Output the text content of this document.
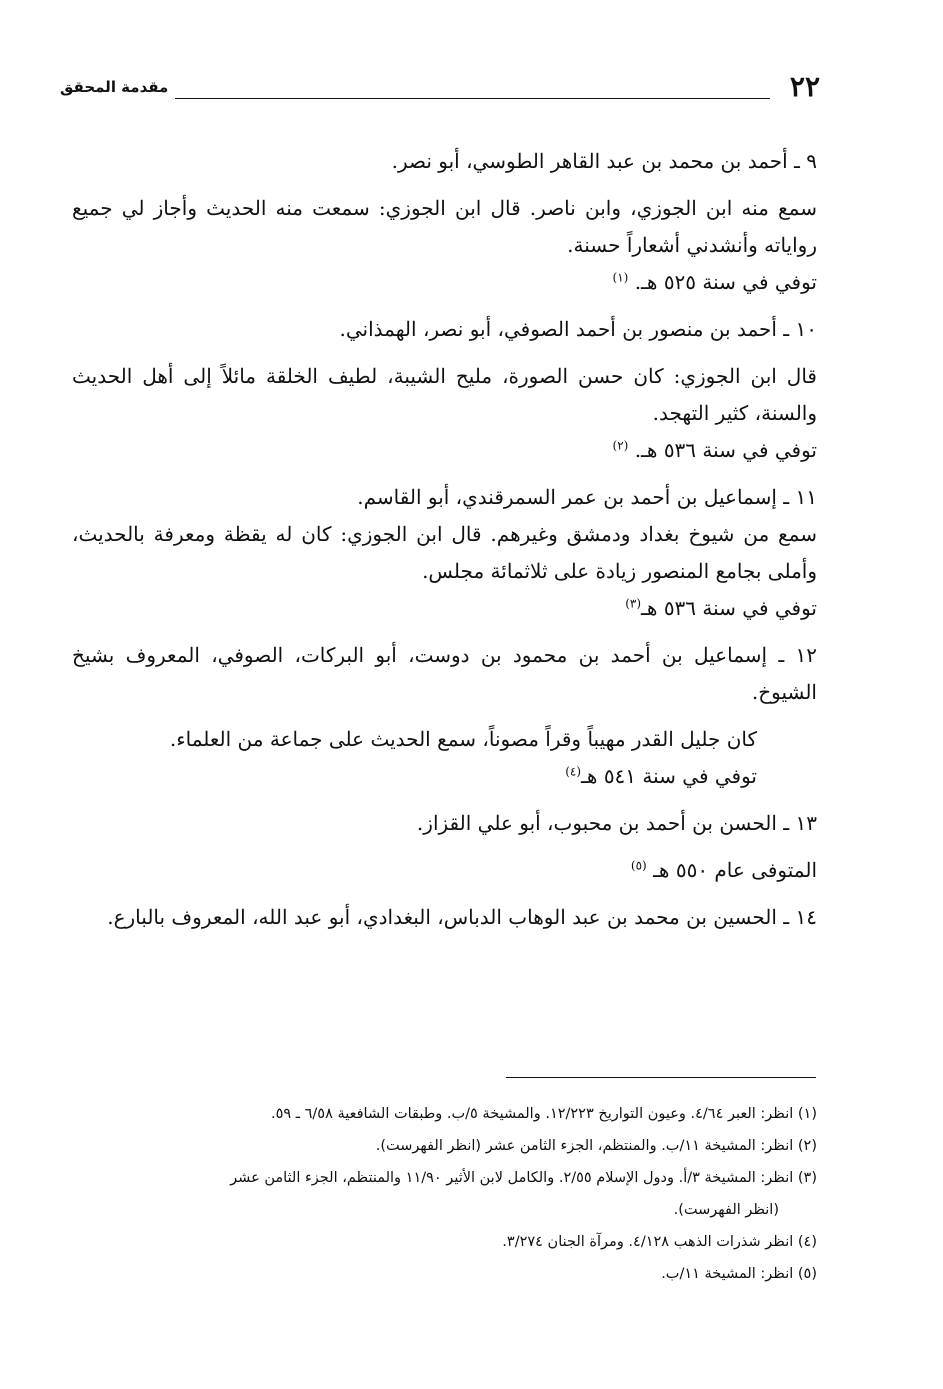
٢٢
مقدمة المحقق

٩ ـ أحمد بن محمد بن عبد القاهر الطوسي، أبو نصر.

سمع منه ابن الجوزي، وابن ناصر. قال ابن الجوزي: سمعت منه الحديث وأجاز لي جميع رواياته وأنشدني أشعاراً حسنة.

توفي في سنة ٥٢٥ هـ. $^{(١)}$

١٠ ـ أحمد بن منصور بن أحمد الصوفي، أبو نصر، الهمذاني.

قال ابن الجوزي: كان حسن الصورة، مليح الشيبة، لطيف الخلقة مائلاً إلى أهل الحديث والسنة، كثير التهجد.

توفي في سنة ٥٣٦ هـ. $^{(٢)}$

١١ ـ إسماعيل بن أحمد بن عمر السمرقندي، أبو القاسم.

سمع من شيوخ بغداد ودمشق وغيرهم. قال ابن الجوزي: كان له يقظة ومعرفة بالحديث، وأملى بجامع المنصور زيادة على ثلاثمائة مجلس.

توفي في سنة ٥٣٦ هـ$^{(٣)}$

١٢ ـ إسماعيل بن أحمد بن محمود بن دوست، أبو البركات، الصوفي، المعروف بشيخ الشيوخ.

كان جليل القدر مهيباً وقراً مصوناً، سمع الحديث على جماعة من العلماء.

توفي في سنة ٥٤١ هـ$^{(٤)}$

١٣ ـ الحسن بن أحمد بن محبوب، أبو علي القزاز.

المتوفى عام ٥٥٠ هـ $^{(٥)}$

١٤ ـ الحسين بن محمد بن عبد الوهاب الدباس، البغدادي، أبو عبد الله، المعروف بالبارع.

(١) انظر: العبر ٤/٦٤. وعيون التواريخ ١٢/٢٢٣. والمشيخة ٥/ب. وطبقات الشافعية ٦/٥٨ ـ ٥٩.

(٢) انظر: المشيخة ١١/ب. والمنتظم، الجزء الثامن عشر (انظر الفهرست).

(٣) انظر: المشيخة ٣/أ. ودول الإسلام ٢/٥٥. والكامل لابن الأثير ١١/٩٠ والمنتظم، الجزء الثامن عشر

(انظر الفهرست).

(٤) انظر شذرات الذهب ٤/١٢٨. ومرآة الجنان ٣/٢٧٤.

(٥) انظر: المشيخة ١١/ب.
